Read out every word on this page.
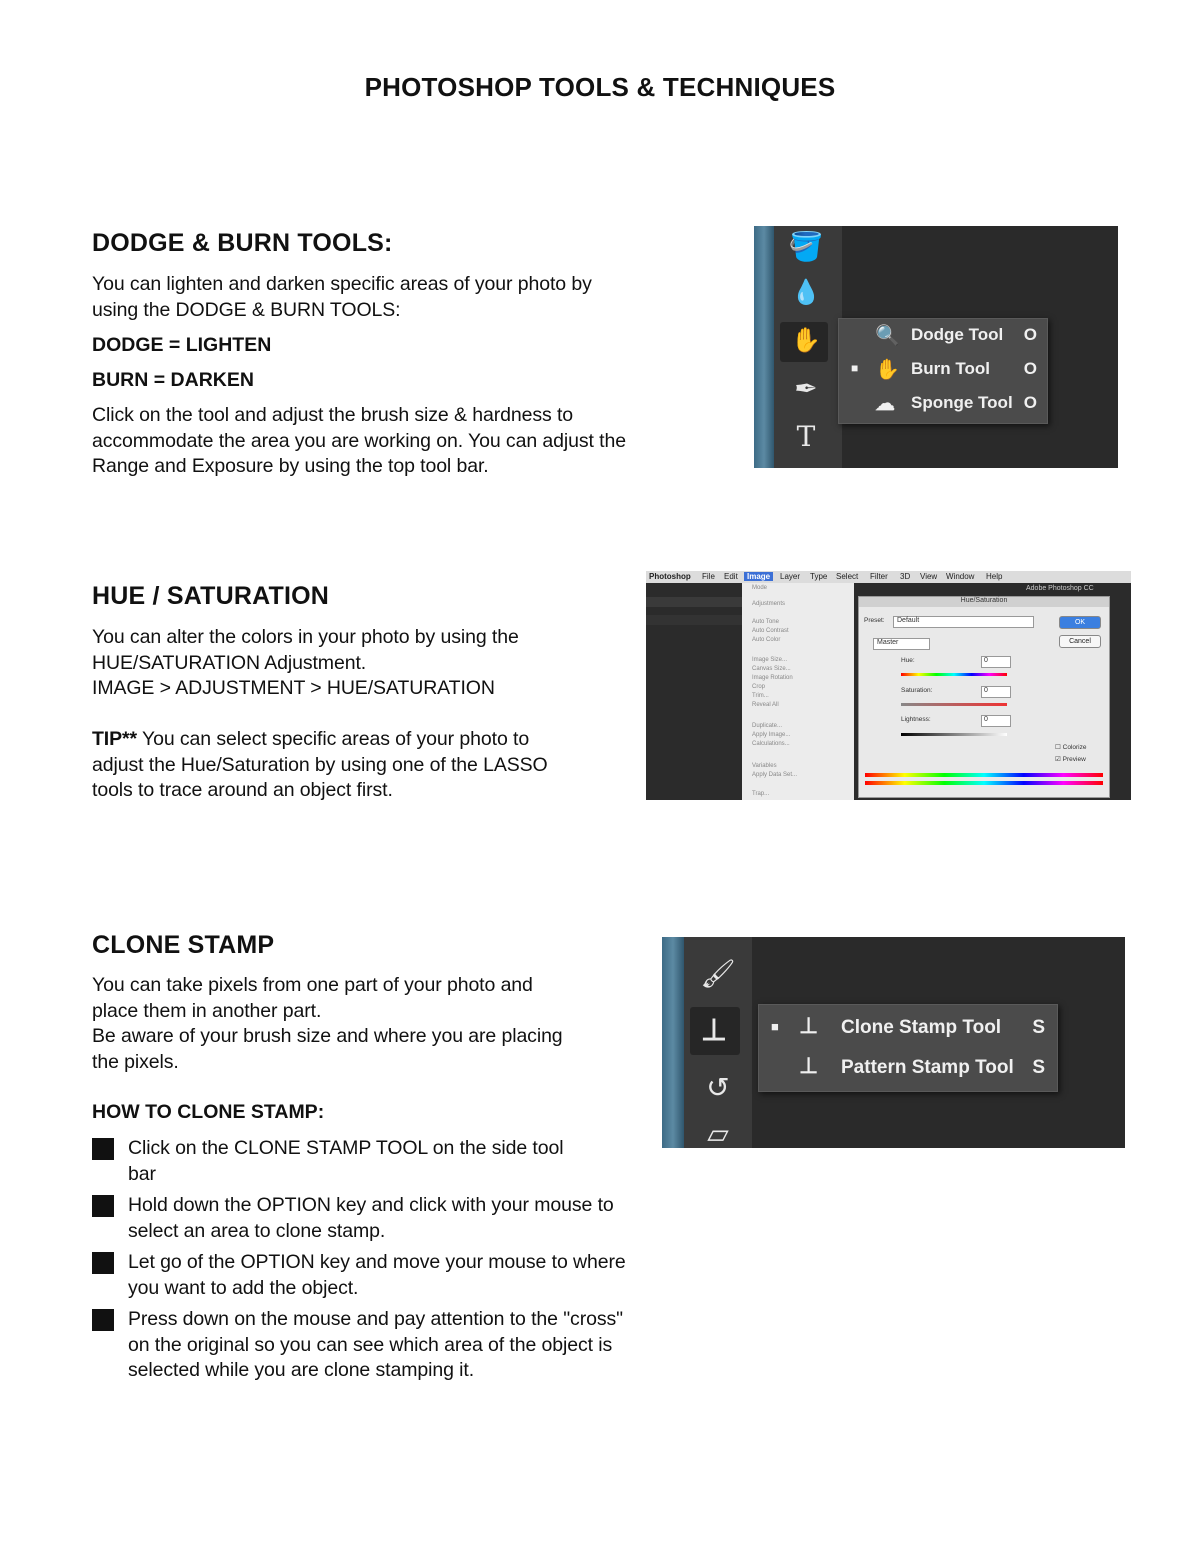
PHOTOSHOP TOOLS & TECHNIQUES
DODGE & BURN TOOLS:
You can lighten and darken specific areas of your photo by
using the DODGE & BURN TOOLS:
DODGE = LIGHTEN
BURN = DARKEN
Click on the tool and adjust the brush size & hardness to
accommodate the area you are working on. You can adjust the
Range and Exposure by using the top tool bar.
🪣
💧
✋
✒
T
🔍 Dodge Tool O
■ ✋ Burn Tool O
☁ Sponge Tool O
HUE / SATURATION
You can alter the colors in your photo by using the
HUE/SATURATION Adjustment.
IMAGE > ADJUSTMENT > HUE/SATURATION
TIP** You can select specific areas of your photo to
adjust the Hue/Saturation by using one of the LASSO
tools to trace around an object first.
Photoshop File Edit	Image	Layer Type Select Filter 3D View Window Help
Adobe Photoshop CC
Mode
Adjustments
Auto Tone
Auto Contrast
Auto Color
Image Size...
Canvas Size...
Image Rotation
Crop
Trim...
Reveal All
Duplicate...
Apply Image...
Calculations...
Variables
Apply Data Set...
Trap...
Hue/Saturation
Preset:	Default
Master
Hue:	0
Saturation:	0
Lightness:	0
OK
Cancel
☐ Colorize
☑ Preview
CLONE STAMP
You can take pixels from one part of your photo and
place them in another part.
Be aware of your brush size and where you are placing
the pixels.
HOW TO CLONE STAMP:
Click on the CLONE STAMP TOOL on the side tool
bar
Hold down the OPTION key and click with your mouse to
select an area to clone stamp.
Let go of the OPTION key and move your mouse to where
you want to add the object.
Press down on the mouse and pay attention to the "cross"
on the original so you can see which area of the object is
selected while you are clone stamping it.
🖌
⊥
↺
▱
■ ⊥ Clone Stamp Tool S
⊥ Pattern Stamp Tool S
